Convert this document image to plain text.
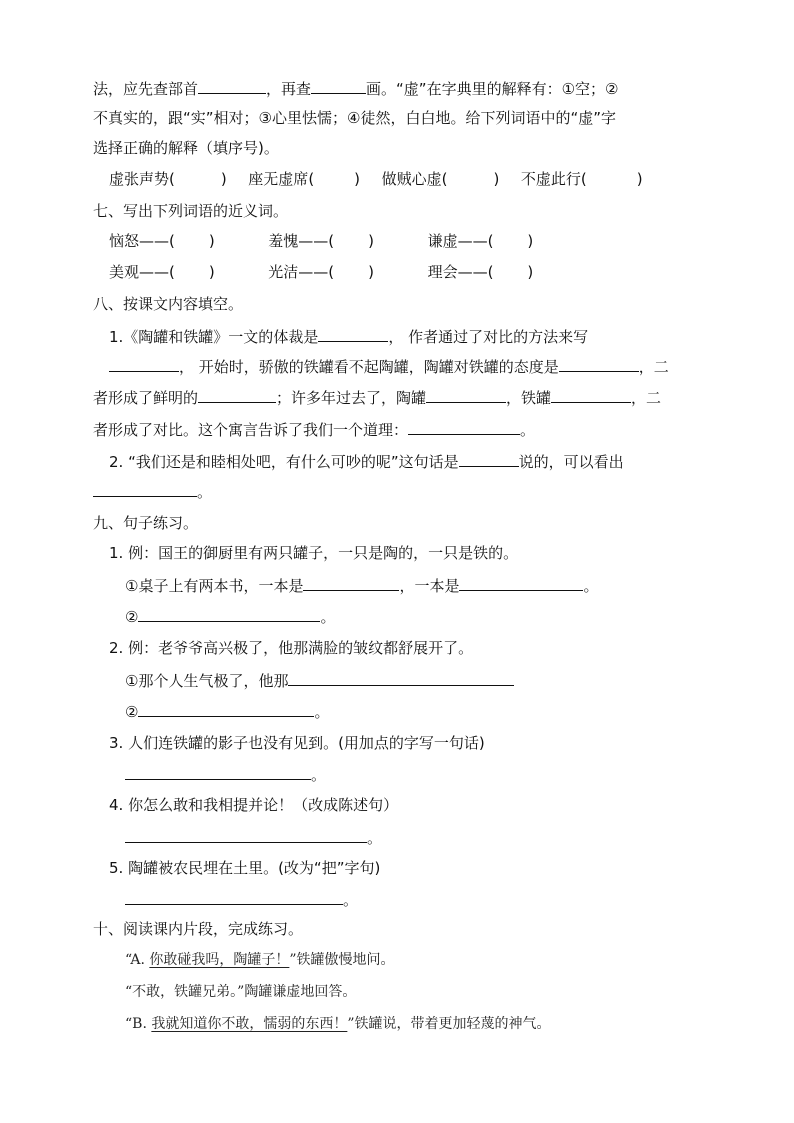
法，应先查部首	，再查	画。“虚”在字典里的解释有：①空；②
不真实的，跟“实”相对；③心里怯懦；④徒然，白白地。给下列词语中的“虚”字
选择正确的解释（填序号)。
虚张声势(	) 座无虚席(	) 做贼心虚(	) 不虚此行(	)
七、写出下列词语的近义词。
恼怒——( )	羞愧——( )	谦虚——( )
美观——( )	光洁——( )	理会——( )
八、按课文内容填空。
1.《陶罐和铁罐》一文的体裁是	， 作者通过了对比的方法来写
， 开始时，骄傲的铁罐看不起陶罐，陶罐对铁罐的态度是	，二
者形成了鲜明的	；许多年过去了，陶罐	，铁罐	，二
者形成了对比。这个寓言告诉了我们一个道理：	。
2. “我们还是和睦相处吧，有什么可吵的呢”这句话是	说的，可以看出
。
九、句子练习。
1. 例：国王的御厨里有两只罐子，一只是陶的，一只是铁的。
①桌子上有两本书，一本是	，一本是	。
②	。
2. 例：老爷爷高兴极了，他那满脸的皱纹都舒展开了。
①那个人生气极了，他那
②	。
3. 人们连铁罐的影子也没有见到。(用加点的字写一句话)
。
4. 你怎么敢和我相提并论！（改成陈述句）
。
5. 陶罐被农民埋在土里。(改为“把”字句)
。
十、阅读课内片段，完成练习。
“A. 你敢碰我吗，陶罐子！”铁罐傲慢地问。
“不敢，铁罐兄弟。”陶罐谦虚地回答。
“B. 我就知道你不敢，懦弱的东西！”铁罐说，带着更加轻蔑的神气。
